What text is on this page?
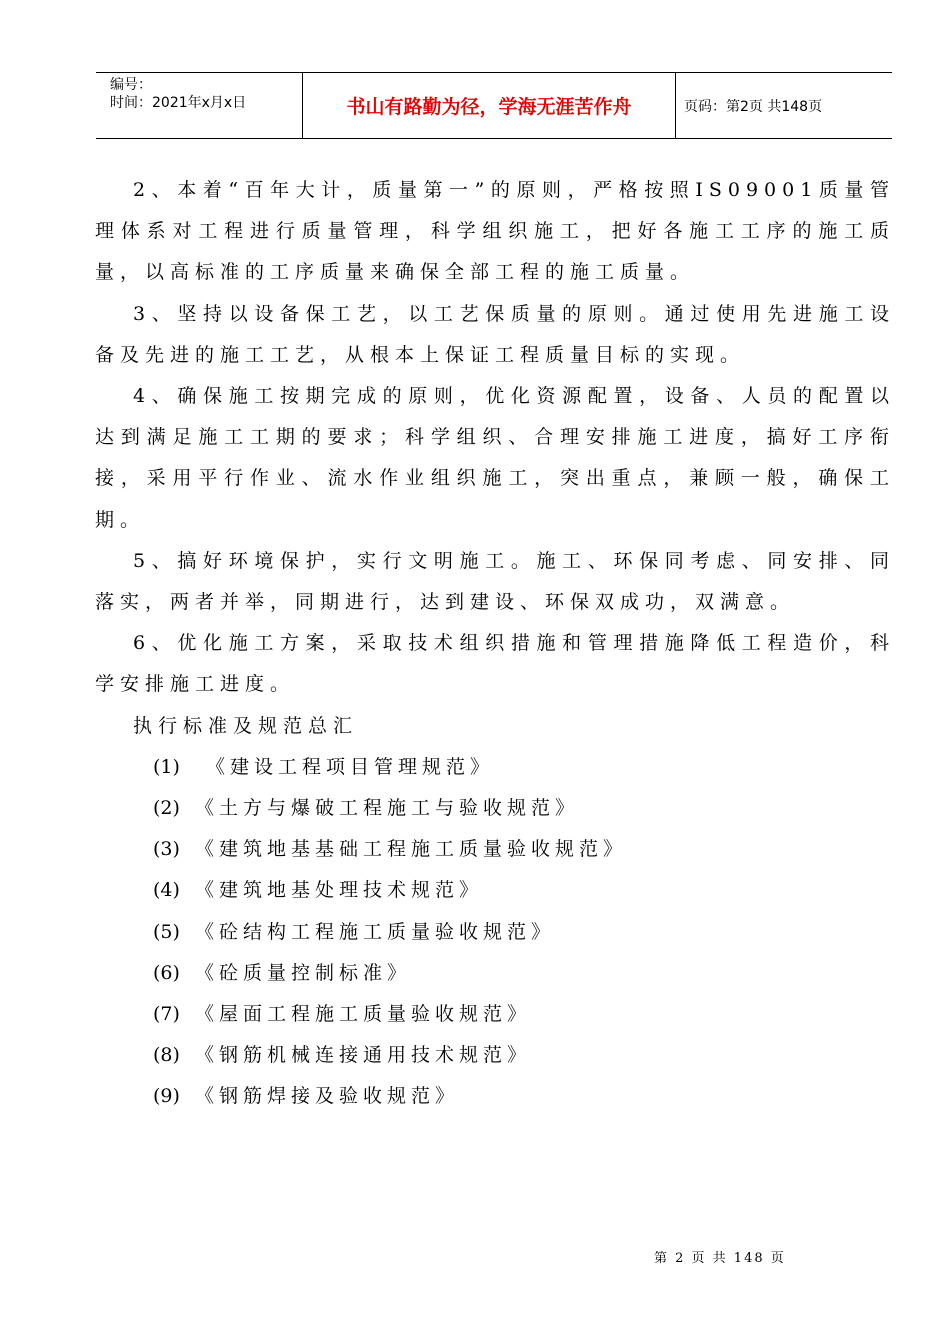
编号：
时间：2021年x月x日	书山有路勤为径，学海无涯苦作舟	页码：第2页 共148页

2、本着“百年大计，质量第一”的原则，严格按照IS09001质量管理体系对工程进行质量管理，科学组织施工，把好各施工工序的施工质量，以高标准的工序质量来确保全部工程的施工质量。

3、坚持以设备保工艺，以工艺保质量的原则。通过使用先进施工设备及先进的施工工艺，从根本上保证工程质量目标的实现。

4、确保施工按期完成的原则，优化资源配置，设备、人员的配置以达到满足施工工期的要求；科学组织、合理安排施工进度，搞好工序衔接，采用平行作业、流水作业组织施工，突出重点，兼顾一般，确保工期。

5、搞好环境保护，实行文明施工。施工、环保同考虑、同安排、同落实，两者并举，同期进行，达到建设、环保双成功，双满意。

6、优化施工方案，采取技术组织措施和管理措施降低工程造价，科学安排施工进度。

执行标准及规范总汇

(1) 《建设工程项目管理规范》

(2) 《土方与爆破工程施工与验收规范》

(3) 《建筑地基基础工程施工质量验收规范》

(4) 《建筑地基处理技术规范》

(5) 《砼结构工程施工质量验收规范》

(6) 《砼质量控制标准》

(7) 《屋面工程施工质量验收规范》

(8) 《钢筋机械连接通用技术规范》

(9) 《钢筋焊接及验收规范》

第 2 页 共 148 页
